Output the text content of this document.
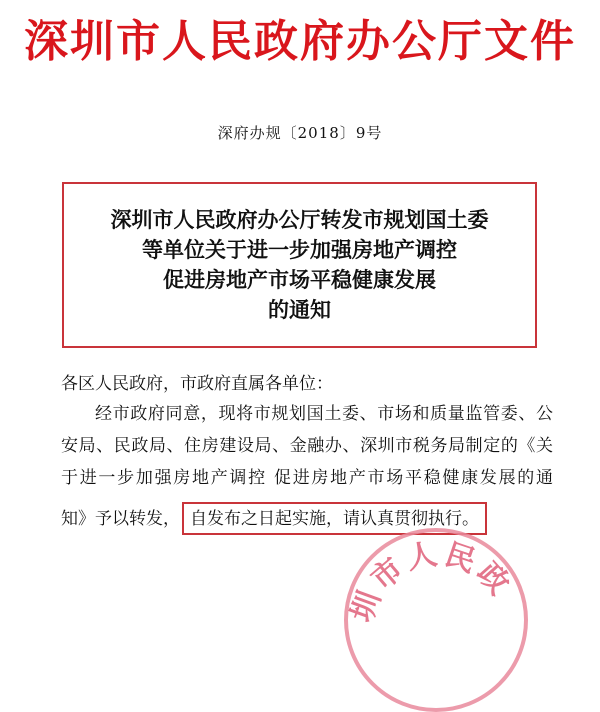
深圳市人民政府办公厅文件
深府办规〔2018〕9号
深圳市人民政府办公厅转发市规划国土委
等单位关于进一步加强房地产调控
促进房地产市场平稳健康发展
的通知
各区人民政府，市政府直属各单位：
经市政府同意，现将市规划国土委、市场和质量监管委、公
安局、民政局、住房建设局、金融办、深圳市税务局制定的《关
于进一步加强房地产调控 促进房地产市场平稳健康发展的通
知》予以转发， 自发布之日起实施，请认真贯彻执行。
圳市人民政
